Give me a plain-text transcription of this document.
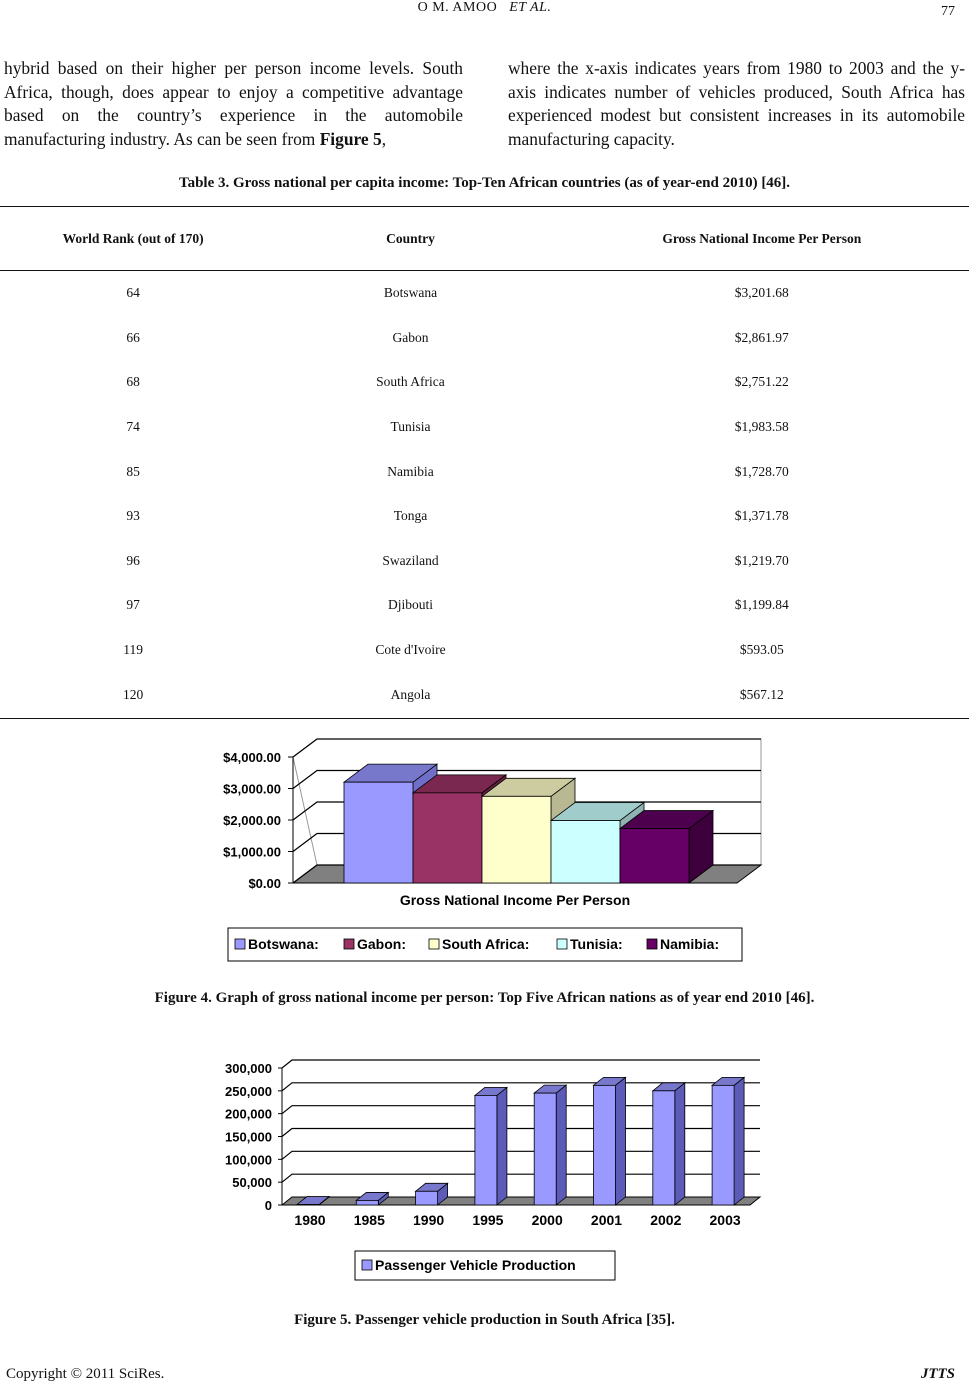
O M. AMOO ET AL.	77

hybrid based on their higher per person income levels. South Africa, though, does appear to enjoy a competitive advantage based on the country’s experience in the automobile manufacturing industry. As can be seen from Figure 5,

where the x-axis indicates years from 1980 to 2003 and the y-axis indicates number of vehicles produced, South Africa has experienced modest but consistent increases in its automobile manufacturing capacity.

Table 3. Gross national per capita income: Top-Ten African countries (as of year-end 2010) [46].
World Rank (out of 170)	Country	Gross National Income Per Person
64	Botswana	$3,201.68
66	Gabon	$2,861.97
68	South Africa	$2,751.22
74	Tunisia	$1,983.58
85	Namibia	$1,728.70
93	Tonga	$1,371.78
96	Swaziland	$1,219.70
97	Djibouti	$1,199.84
119	Cote d'Ivoire	$593.05
120	Angola	$567.12
$0.00
$1,000.00
$2,000.00
$3,000.00
$4,000.00
Gross National Income Per Person
Botswana:	Gabon:	South Africa:	Tunisia:	Namibia:
Figure 4. Graph of gross national income per person: Top Five African nations as of year end 2010 [46].
0
50,000
100,000
150,000
200,000
250,000
300,000
1980 1985 1990 1995 2000 2001 2002 2003
Passenger Vehicle Production
Figure 5. Passenger vehicle production in South Africa [35].
Copyright © 2011 SciRes.	JTTS
